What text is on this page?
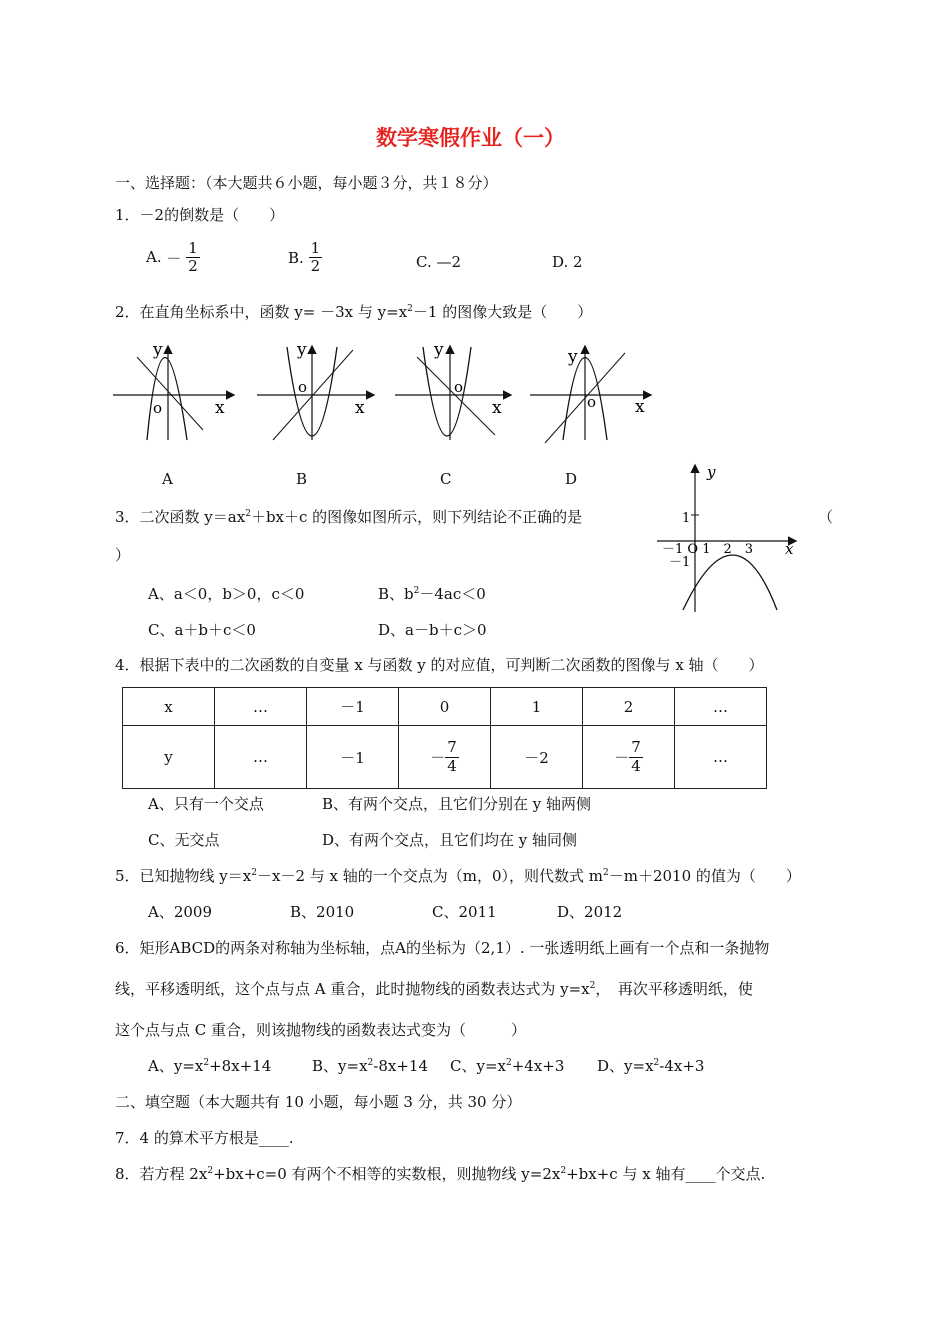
数学寒假作业（一）
一、选择题：（本大题共６小题，每小题３分，共１８分）
1．－2的倒数是（　　）
A. － $\frac{1}{2}$	B. $\frac{1}{2}$	C. —2	D. 2
2．在直角坐标系中，函数 y= －3x 与 $y=x^2-1$ 的图像大致是（　　）
y
x
o
y
x
o
y
x
o
y
x
o
A	B	C	D
3．二次函数 $y=ax^2+bx+c$ 的图像如图所示，则下列结论不正确的是	（
）
y
x
1
－1 O 1　2　3
－1
A、a＜0，b＞0，c＜0	B、$b^2-4ac<0$
C、a＋b＋c＜0	D、a－b＋c＞0
4．根据下表中的二次函数的自变量 x 与函数 y 的对应值，可判断二次函数的图像与 x 轴（　　）
x	…	－1	0	1	2	…
y	…	－1	－ $\frac{7}{4}$	－2	－ $\frac{7}{4}$	…
A、只有一个交点	B、有两个交点，且它们分别在 y 轴两侧
C、无交点	D、有两个交点，且它们均在 y 轴同侧
5．已知抛物线 $y=x^2-x-2$ 与 x 轴的一个交点为（m，0），则代数式 $m^2-m+2010$ 的值为（　　）
A、2009	B、2010	C、2011	D、2012
6．矩形ABCD的两条对称轴为坐标轴，点A的坐标为（2,1）. 一张透明纸上画有一个点和一条抛物
线，平移透明纸，这个点与点 A 重合，此时抛物线的函数表达式为 $y=x^2$，　再次平移透明纸，使
这个点与点 C 重合，则该抛物线的函数表达式变为（　　　）
A、$y=x^2+8x+14$	B、$y=x^2-8x+14$ C、$y=x^2+4x+3$ D、$y=x^2-4x+3$
二、填空题（本大题共有 10 小题，每小题 3 分，共 30 分）
7．4 的算术平方根是____.
8．若方程 $2x^2+bx+c=0$ 有两个不相等的实数根，则抛物线 $y=2x^2+bx+c$ 与 x 轴有____个交点.
